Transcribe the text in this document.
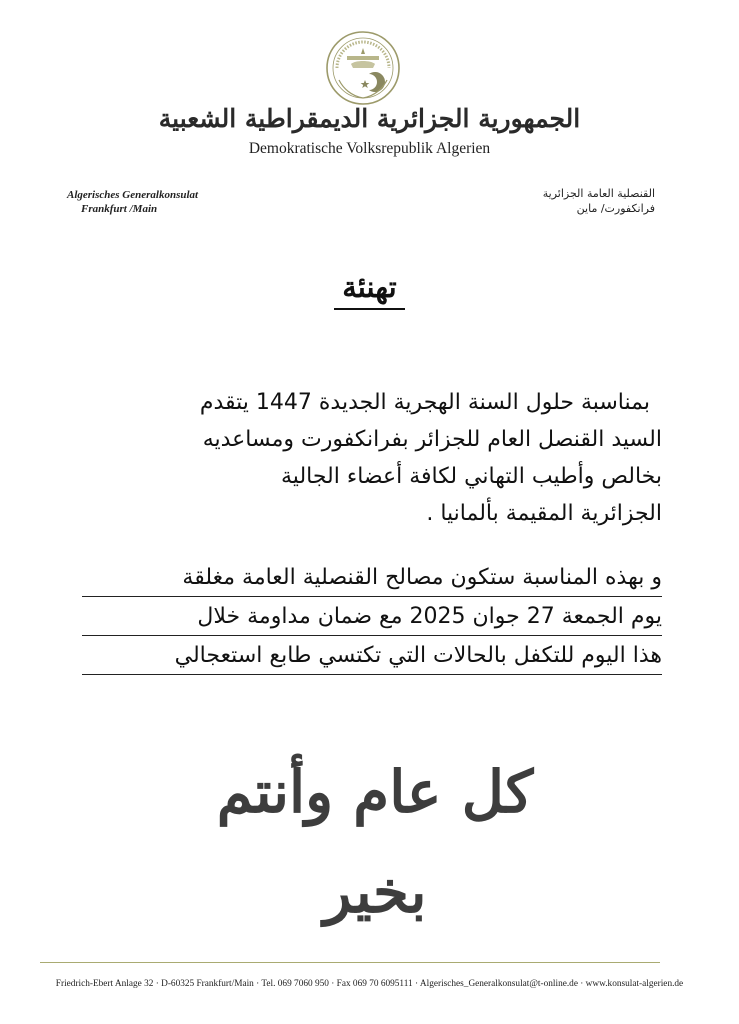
الجمهورية الجزائرية الديمقراطية الشعبية
Demokratische Volksrepublik Algerien
Algerisches Generalkonsulat
Frankfurt /Main
القنصلية العامة الجزائرية
فرانكفورت/ ماين
تهنئة
بمناسبة حلول السنة الهجرية الجديدة 1447 يتقدم
السيد القنصل العام للجزائر بفرانكفورت ومساعديه
بخالص وأطيب التهاني لكافة أعضاء الجالية
الجزائرية المقيمة بألمانيا .
و بهذه المناسبة ستكون مصالح القنصلية العامة مغلقة
يوم الجمعة 27 جوان 2025 مع ضمان مداومة خلال
هذا اليوم للتكفل بالحالات التي تكتسي طابع استعجالي
كل عام وأنتم بخير
Friedrich-Ebert Anlage 32 · D-60325 Frankfurt/Main · Tel. 069 7060 950 · Fax 069 70 6095111 · Algerisches_Generalkonsulat@t-online.de · www.konsulat-algerien.de
